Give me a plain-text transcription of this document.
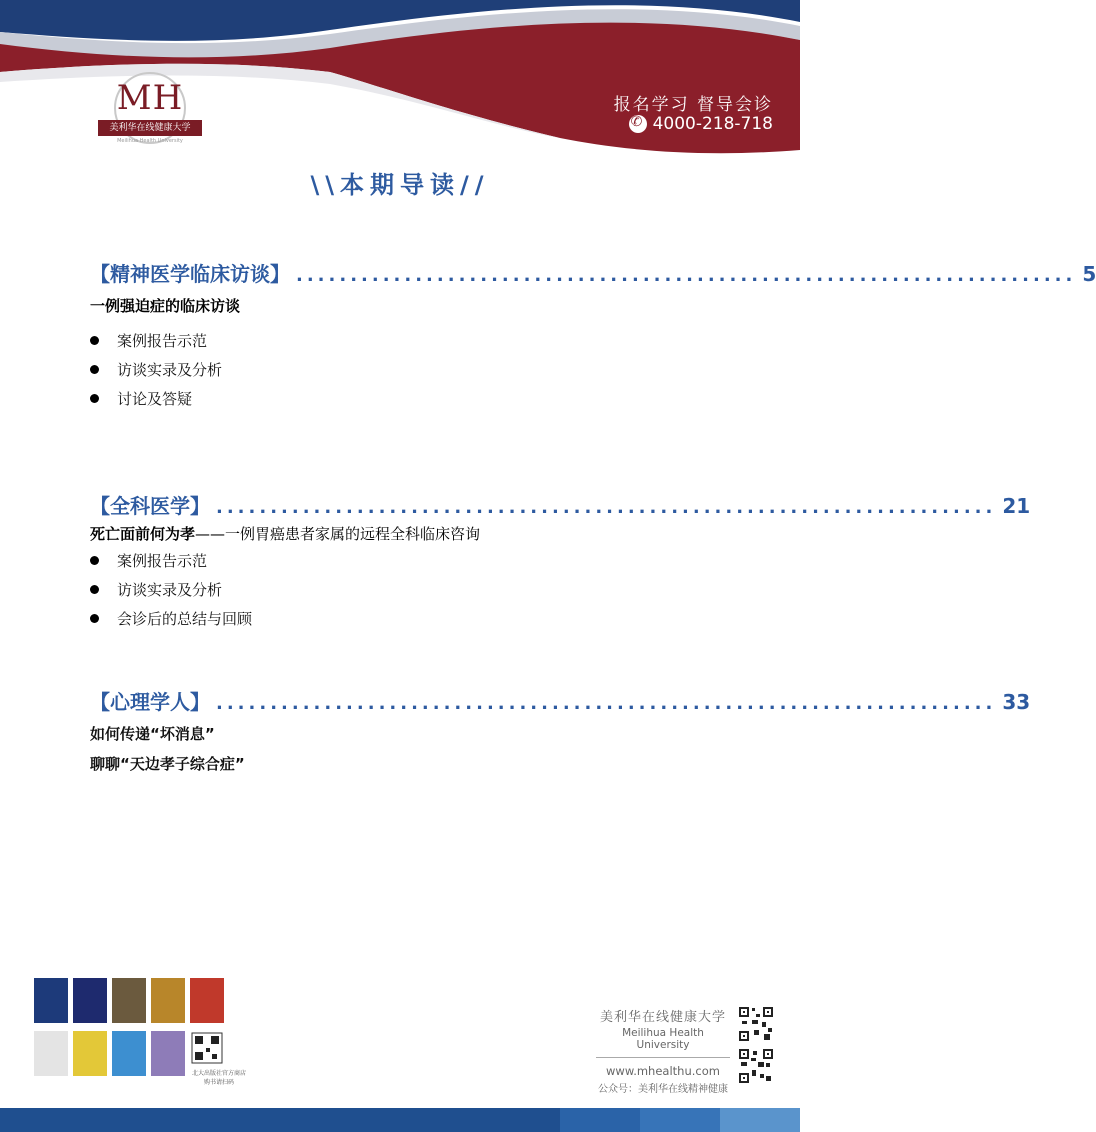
MH
美利华在线健康大学
Meilihua Health University
报名学习 督导会诊
✆
4000-218-718
\\本期导读//
【精神医学临床访谈】 ........................................................................ 5
一例强迫症的临床访谈
案例报告示范
访谈实录及分析
讨论及答疑
【全科医学】 ........................................................................ 21
死亡面前何为孝——一例胃癌患者家属的远程全科临床咨询
案例报告示范
访谈实录及分析
会诊后的总结与回顾
【心理学人】 ........................................................................ 33
如何传递“坏消息”
聊聊“天边孝子综合症”
北大出版社官方商店
购书请扫码
美利华在线健康大学
Meilihua Health University
www.mhealthu.com
公众号：美利华在线精神健康
